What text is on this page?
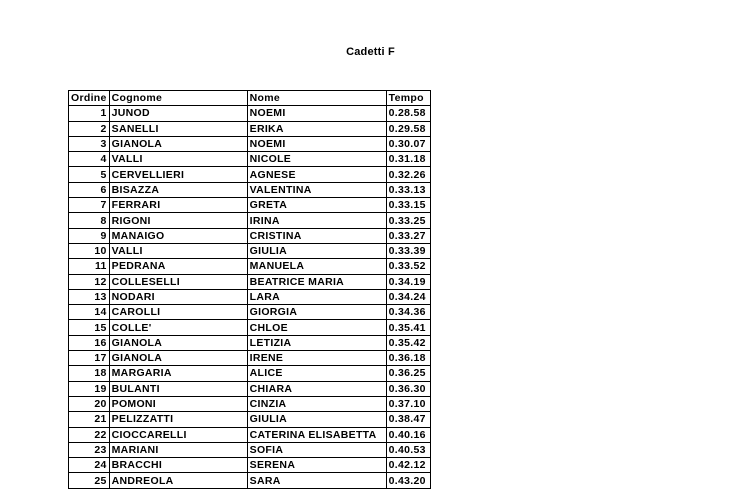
Cadetti F
Ordine	Cognome	Nome	Tempo
1	JUNOD	NOEMI	0.28.58
2	SANELLI	ERIKA	0.29.58
3	GIANOLA	NOEMI	0.30.07
4	VALLI	NICOLE	0.31.18
5	CERVELLIERI	AGNESE	0.32.26
6	BISAZZA	VALENTINA	0.33.13
7	FERRARI	GRETA	0.33.15
8	RIGONI	IRINA	0.33.25
9	MANAIGO	CRISTINA	0.33.27
10	VALLI	GIULIA	0.33.39
11	PEDRANA	MANUELA	0.33.52
12	COLLESELLI	BEATRICE MARIA	0.34.19
13	NODARI	LARA	0.34.24
14	CAROLLI	GIORGIA	0.34.36
15	COLLE'	CHLOE	0.35.41
16	GIANOLA	LETIZIA	0.35.42
17	GIANOLA	IRENE	0.36.18
18	MARGARIA	ALICE	0.36.25
19	BULANTI	CHIARA	0.36.30
20	POMONI	CINZIA	0.37.10
21	PELIZZATTI	GIULIA	0.38.47
22	CIOCCARELLI	CATERINA ELISABETTA	0.40.16
23	MARIANI	SOFIA	0.40.53
24	BRACCHI	SERENA	0.42.12
25	ANDREOLA	SARA	0.43.20
